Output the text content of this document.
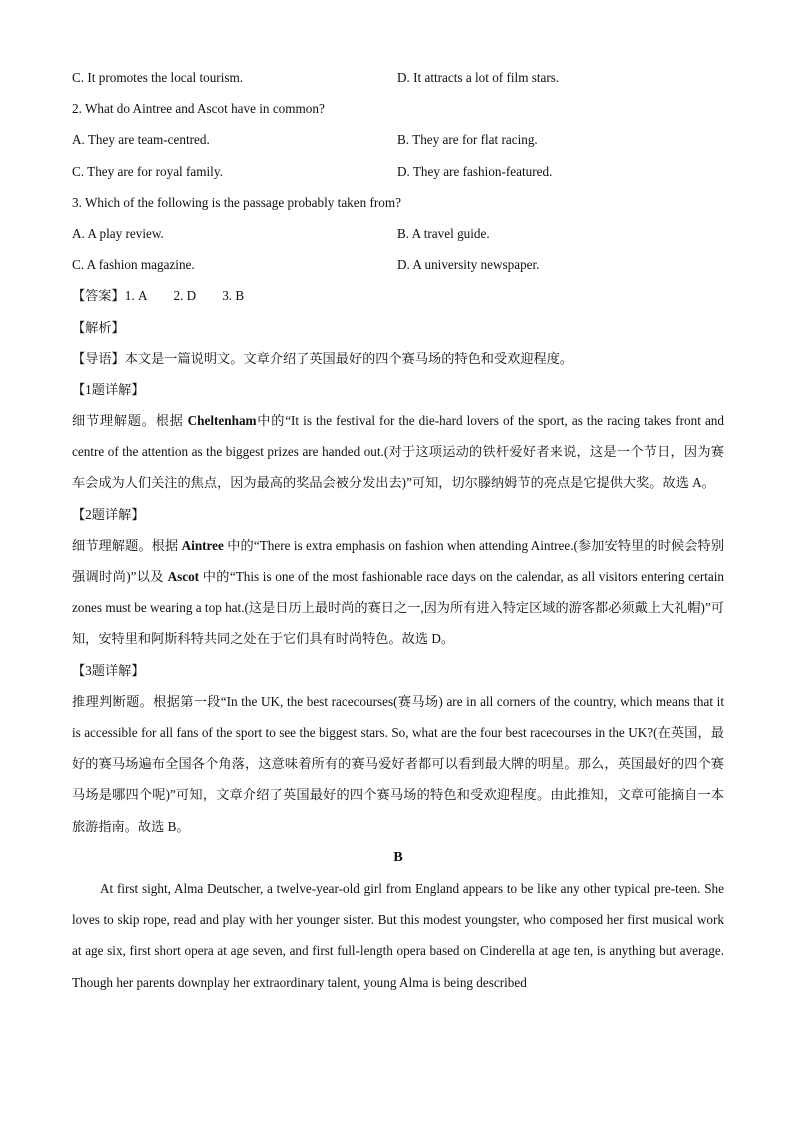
C. It promotes the local tourism.	D. It attracts a lot of film stars.
2. What do Aintree and Ascot have in common?
A. They are team-centred.	B. They are for flat racing.
C. They are for royal family.	D. They are fashion-featured.
3. Which of the following is the passage probably taken from?
A. A play review.	B. A travel guide.
C. A fashion magazine.	D. A university newspaper.
【答案】1. A 2. D 3. B
【解析】
【导语】本文是一篇说明文。文章介绍了英国最好的四个赛马场的特色和受欢迎程度。
【1题详解】
细节理解题。根据 Cheltenham中的“It is the festival for the die-hard lovers of the sport, as the racing takes front and centre of the attention as the biggest prizes are handed out.(对于这项运动的铁杆爱好者来说，这是一个节日，因为赛车会成为人们关注的焦点，因为最高的奖品会被分发出去)”可知，切尔滕纳姆节的亮点是它提供大奖。故选 A。
【2题详解】
细节理解题。根据 Aintree 中的“There is extra emphasis on fashion when attending Aintree.(参加安特里的时候会特别强调时尚)”以及 Ascot 中的“This is one of the most fashionable race days on the calendar, as all visitors entering certain zones must be wearing a top hat.(这是日历上最时尚的赛日之一,因为所有进入特定区域的游客都必须戴上大礼帽)”可知，安特里和阿斯科特共同之处在于它们具有时尚特色。故选 D。
【3题详解】
推理判断题。根据第一段“In the UK, the best racecourses(赛马场) are in all corners of the country, which means that it is accessible for all fans of the sport to see the biggest stars. So, what are the four best racecourses in the UK?(在英国，最好的赛马场遍布全国各个角落，这意味着所有的赛马爱好者都可以看到最大牌的明星。那么，英国最好的四个赛马场是哪四个呢)”可知，文章介绍了英国最好的四个赛马场的特色和受欢迎程度。由此推知，文章可能摘自一本旅游指南。故选 B。
B
At first sight, Alma Deutscher, a twelve-year-old girl from England appears to be like any other typical pre-teen. She loves to skip rope, read and play with her younger sister. But this modest youngster, who composed her first musical work at age six, first short opera at age seven, and first full-length opera based on Cinderella at age ten, is anything but average. Though her parents downplay her extraordinary talent, young Alma is being described
